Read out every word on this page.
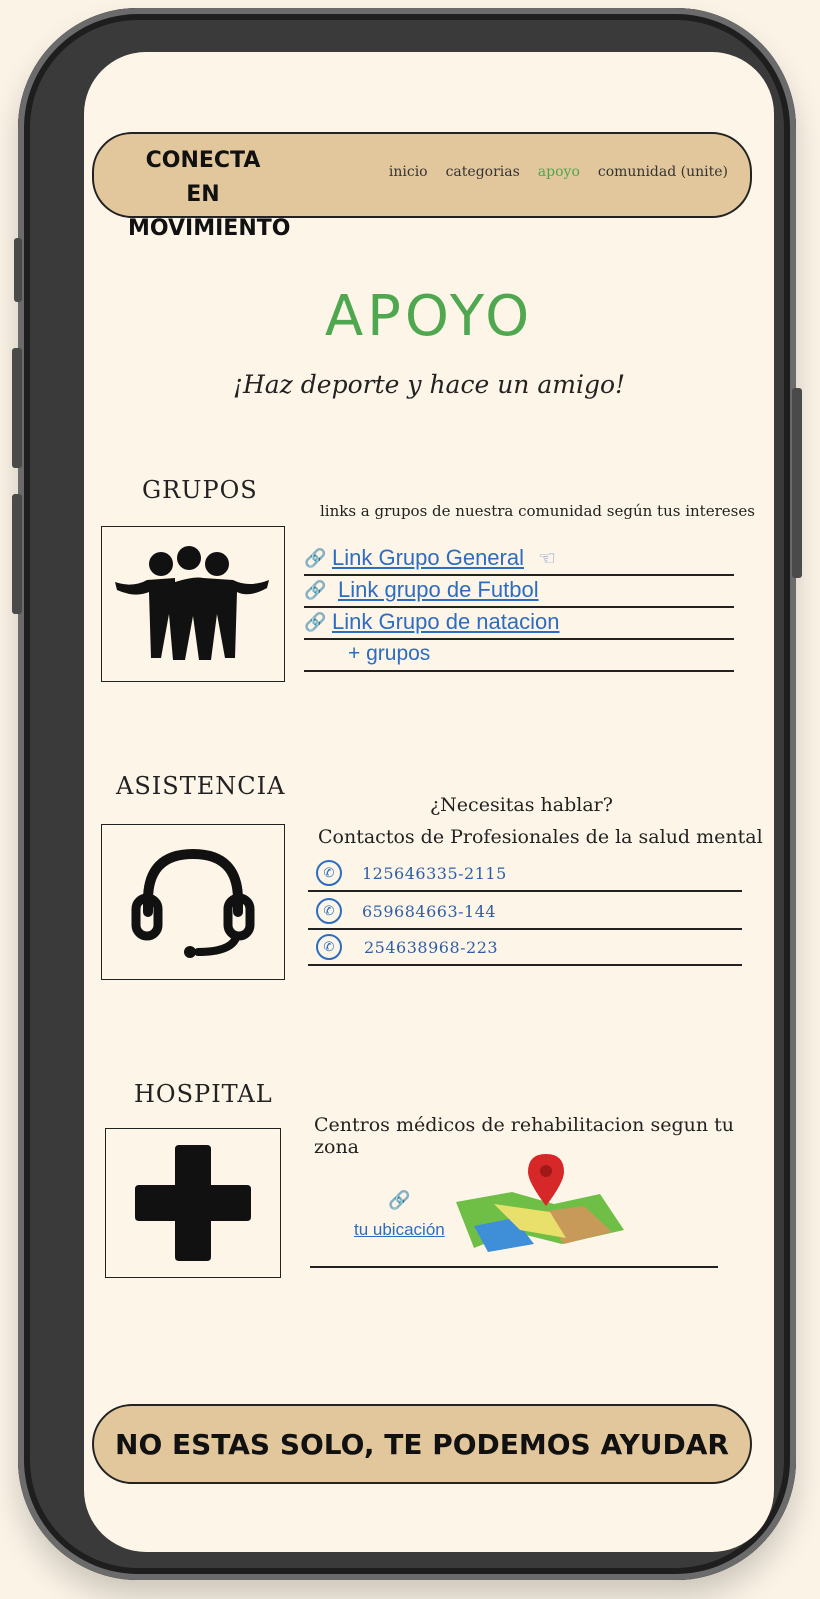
CONECTA EN
MOVIMIENTO
inicio categorias apoyo comunidad (unite)
APOYO
¡Haz deporte y hace un amigo!
GRUPOS
links a grupos de nuestra comunidad según tus intereses
🔗 Link Grupo General ☜
🔗 Link grupo de Futbol
🔗 Link Grupo de natacion
+ grupos
ASISTENCIA
¿Necesitas hablar?
Contactos de Profesionales de la salud mental
✆ 125646335-2115
✆ 659684663-144
✆ 254638968-223
HOSPITAL
Centros médicos de rehabilitacion segun tu zona
🔗
tu ubicación
NO ESTAS SOLO, TE PODEMOS AYUDAR
